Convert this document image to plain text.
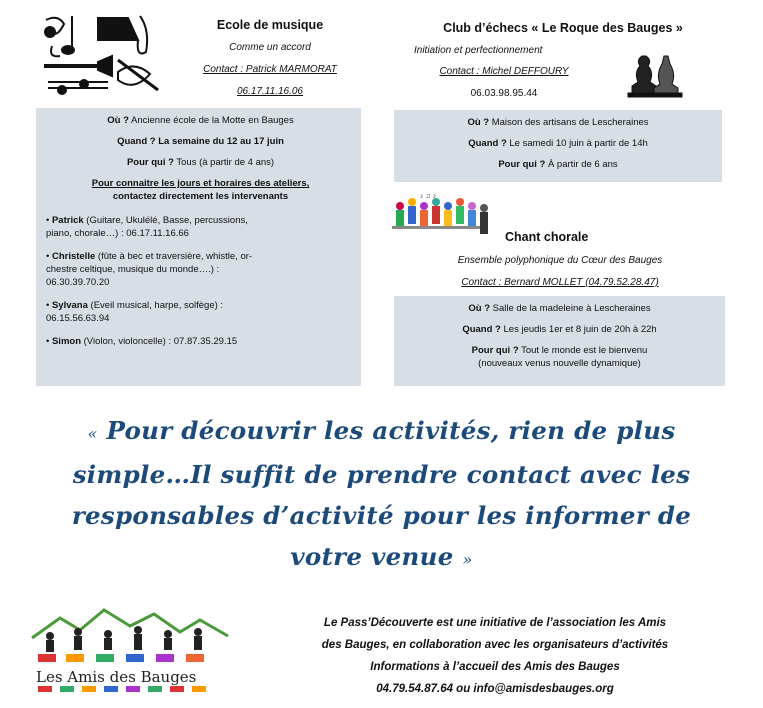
Ecole de musique
Comme un accord
Contact : Patrick MARMORAT
06.17.11.16.06
Club d’échecs « Le Roque des Bauges »
Initiation et perfectionnement
Contact : Michel DEFFOURY
06.03.98.95.44

Où ? Ancienne école de la Motte en Bauges

Quand ? La semaine du 12 au 17 juin

Pour qui ? Tous (à partir de 4 ans)

Pour connaitre les jours et horaires des ateliers,

contactez directement les intervenants

• Patrick (Guitare, Ukulélé, Basse, percussions,

piano, chorale…) : 06.17.11.16.66

• Christelle (fûte à bec et traversière, whistle, or-

chestre celtique, musique du monde….) :

06.30.39.70.20

• Sylvana (Eveil musical, harpe, solfège) :

06.15.56.63.94

• Simon (Violon, violoncelle) : 07.87.35.29.15

Où ? Maison des artisans de Lescheraines

Quand ? Le samedi 10 juin à partir de 14h

Pour qui ? À partir de 6 ans

♪ ♫ ♪
Chant chorale
Ensemble polyphonique du Cœur des Bauges
Contact : Bernard MOLLET (04.79.52.28.47)

Où ? Salle de la madeleine à Lescheraines

Quand ? Les jeudis 1er et 8 juin de 20h à 22h

Pour qui ? Tout le monde est le bienvenu

(nouveaux venus nouvelle dynamique)

« Pour découvrir les activités, rien de plus
simple…Il suffit de prendre contact avec les
responsables d’activité pour les informer de
votre venue »
Les Amis des Bauges

Le Pass’Découverte est une initiative de l’association les Amis

des Bauges, en collaboration avec les organisateurs d’activités

Informations à l’accueil des Amis des Bauges

04.79.54.87.64 ou info@amisdesbauges.org
